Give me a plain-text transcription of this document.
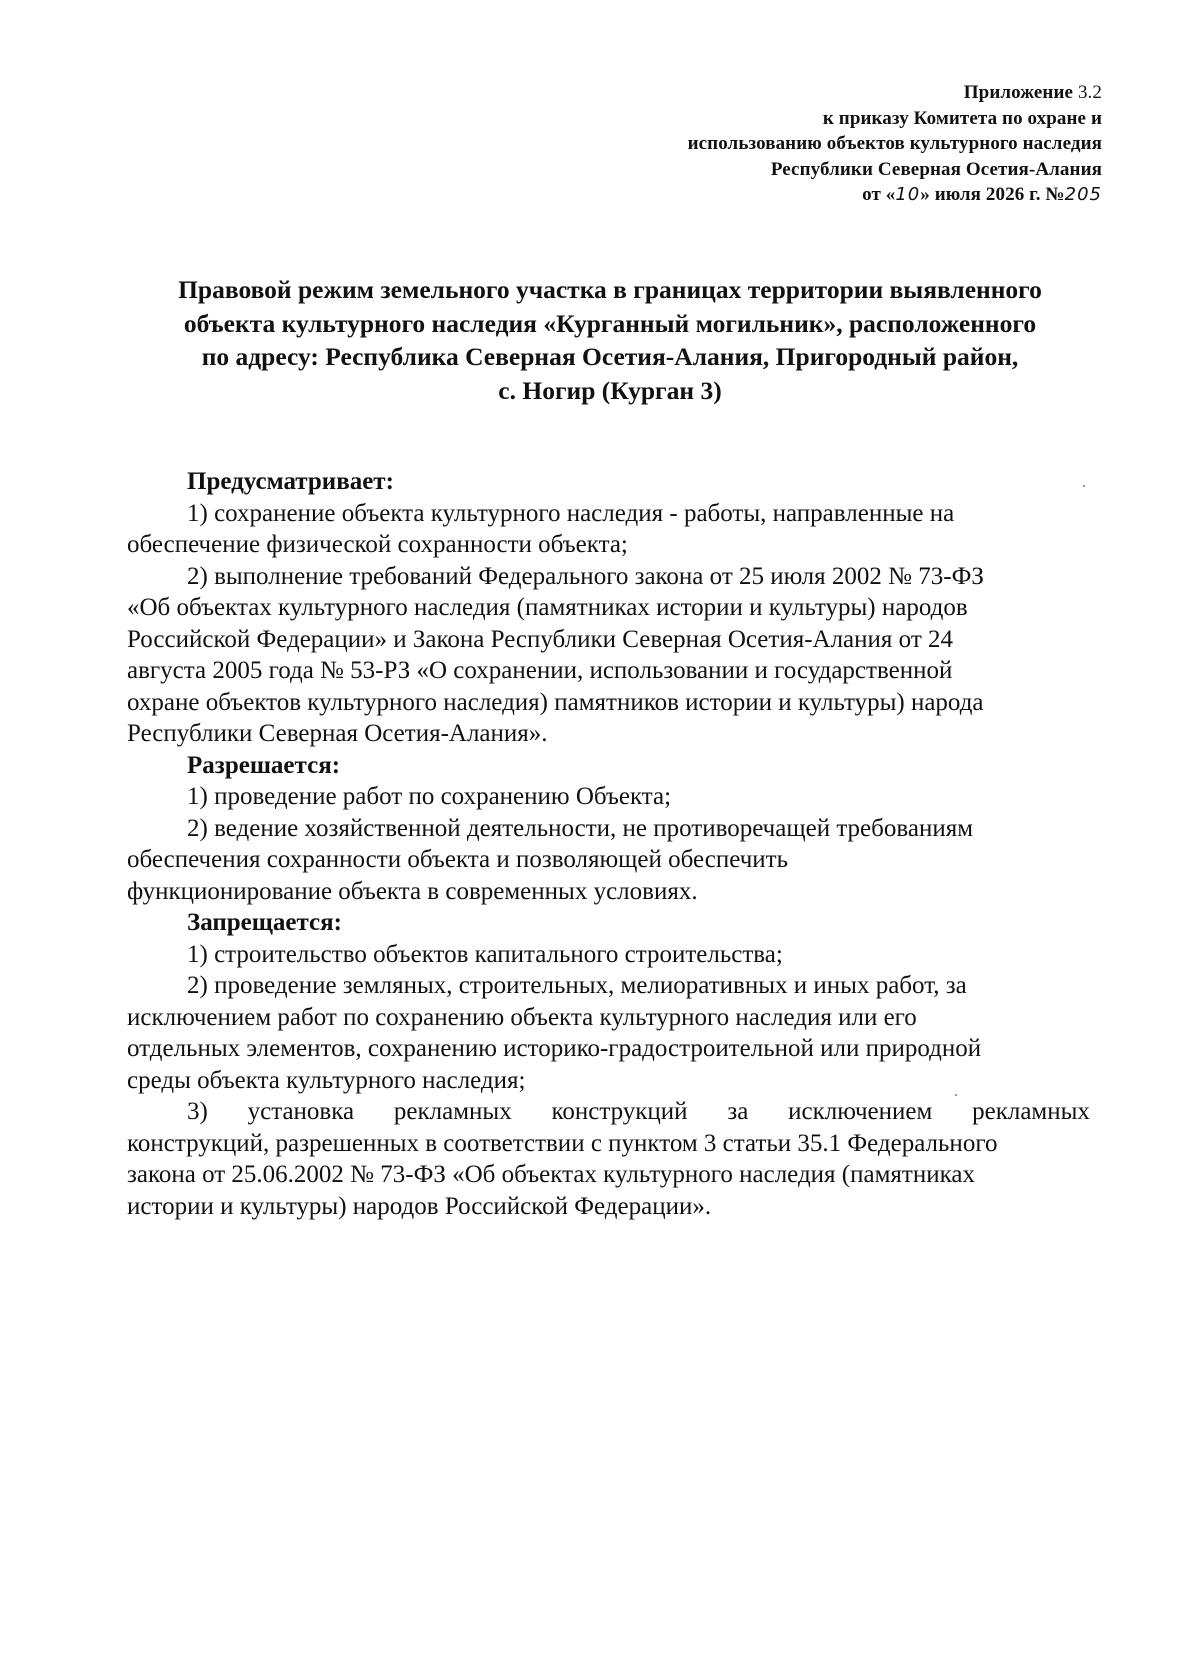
Приложение 3.2
к приказу Комитета по охране и
использованию объектов культурного наследия
Республики Северная Осетия-Алания
от «10» июля 2026 г. №205
Правовой режим земельного участка в границах территории выявленного
объекта культурного наследия «Курганный могильник», расположенного
по адресу: Республика Северная Осетия-Алания, Пригородный район,
с. Ногир (Курган 3)
Предусматривает:
1) сохранение объекта культурного наследия - работы, направленные на
обеспечение физической сохранности объекта;
2) выполнение требований Федерального закона от 25 июля 2002 № 73-ФЗ
«Об объектах культурного наследия (памятниках истории и культуры) народов
Российской Федерации» и Закона Республики Северная Осетия-Алания от 24
августа 2005 года № 53-РЗ «О сохранении, использовании и государственной
охране объектов культурного наследия) памятников истории и культуры) народа
Республики Северная Осетия-Алания».
Разрешается:
1) проведение работ по сохранению Объекта;
2) ведение хозяйственной деятельности, не противоречащей требованиям
обеспечения сохранности объекта и позволяющей обеспечить
функционирование объекта в современных условиях.
Запрещается:
1) строительство объектов капитального строительства;
2) проведение земляных, строительных, мелиоративных и иных работ, за
исключением работ по сохранению объекта культурного наследия или его
отдельных элементов, сохранению историко-градостроительной или природной
среды объекта культурного наследия;
3) установка рекламных конструкций за исключением рекламных
конструкций, разрешенных в соответствии с пунктом 3 статьи 35.1 Федерального
закона от 25.06.2002 № 73-ФЗ «Об объектах культурного наследия (памятниках
истории и культуры) народов Российской Федерации».
